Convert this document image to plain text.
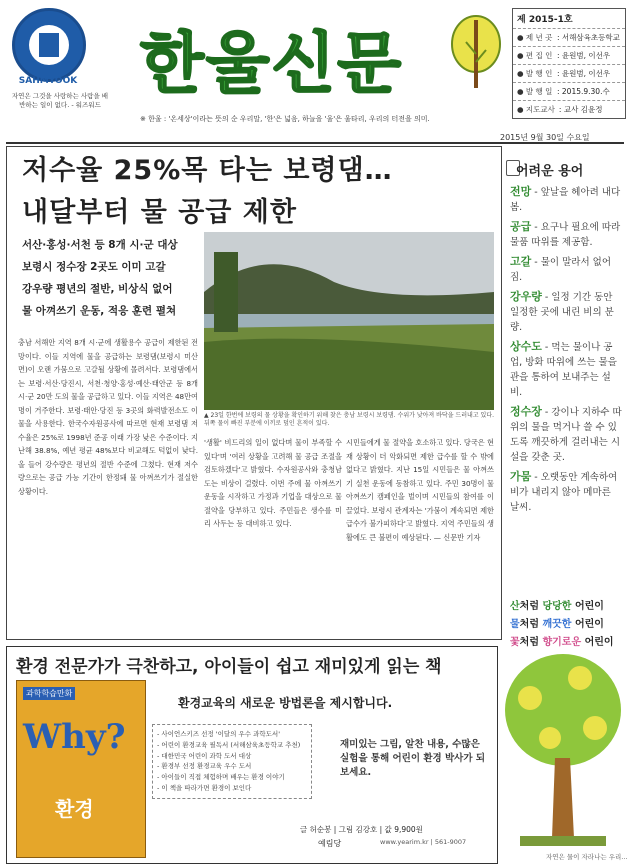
SAHMYOOK
자연은 그것을 사랑하는 사람을 배반하는 일이 없다. - 워즈워드
한울신문
※ 한울 : '온세상'이라는 뜻의 순 우리말, '한'은 넓음, 하늘을 '울'은 울타리, 우리의 터전을 의미.
제 2015-1호
● 제 년 곳 : 서해삼육초등학교
● 편 집 인 : 윤원범, 이선우
● 발 행 인 : 윤원범, 이선우
● 발 행 일 : 2015.9.30.수
● 지도교사 : 교사 김윤정
2015년 9월 30일 수요일
저수율 25%목 타는 보령댐…
내달부터 물 공급 제한
서산·홍성·서천 등 8개 시·군 대상
보령시 정수장 2곳도 이미 고갈
강우량 평년의 절반, 비상식 없어
물 아껴쓰기 운동, 적응 훈련 펼쳐
▲ 23일 한번에 보령의 물 상황을 확인하기 위해 찾은 충남 보령시 보령댐. 수위가 낮아져 바닥을 드러내고 있다. 뒤쪽 물이 빠진 부분에 이끼로 덮인 흔적이 있다.
충남 서해안 지역 8개 시·군에 생활용수 공급이 제한된 전망이다. 이들 지역에 물을 공급하는 보령댐(보령시 미산면)이 오랜 가뭄으로 고갈될 상황에 몰려서다. 보령댐에서는 보령·서산·당진시, 서천·청양·홍성·예산·태안군 등 8개 시·군 20만 도의 물을 공급하고 있다. 이들 지역은 48만여명이 거주한다. 보령·태안·당진 등 3곳의 화력발전소도 이 물을 사용한다. 한국수자원공사에 따르면 현재 보령댐 저수율은 25%로 1998년 준공 이래 가장 낮은 수준이다. 지난해 38.8%, 예년 평균 48%보다 비교해도 턱없이 낮다. 올 들어 강수량은 평년의 절반 수준에 그쳤다. 현재 저수량으로는 공급 가능 기간이 한정돼 물 아껴쓰기가 절실한 상황이다.
'생활' 비드리의 일이 없다며 물이 부족할 수 있다'며 '여러 상황을 고려해 물 공급 조절을 검토하겠다'고 밝혔다. 수자원공사와 충청남도는 비상이 걸렸다. 이번 주에 물 아껴쓰기 운동을 시작하고 가정과 기업을 대상으로 물 절약을 당부하고 있다. 주민들은 생수를 미리 사두는 등 대비하고 있다.
시민들에게 물 절약을 호소하고 있다. 당국은 현재 상황이 더 악화되면 제한 급수를 할 수 밖에 없다고 밝혔다. 지난 15일 시민들은 물 아껴쓰기 실천 운동에 동참하고 있다. 주민 30명이 물 아껴쓰기 캠페인을 벌이며 시민들의 참여를 이끌었다. 보령시 관계자는 '가뭄이 계속되면 제한 급수가 불가피하다'고 밝혔다. 지역 주민들의 생활에도 큰 불편이 예상된다. — 신문반 기자
어려운 용어
전망 - 앞날을 헤아려 내다 봄.
공급 - 요구나 필요에 따라 물품 따위를 제공함.
고갈 - 물이 말라서 없어짐.
강우량 - 일정 기간 동안 일정한 곳에 내린 비의 분량.
상수도 - 먹는 물이나 공업, 방화 따위에 쓰는 물을 관을 통하여 보내주는 설비.
정수장 - 강이나 지하수 따위의 물을 먹거나 쓸 수 있도록 깨끗하게 걸러내는 시설을 갖춘 곳.
가뭄 - 오랫동안 계속하여 비가 내리지 않아 메마른 날씨.
산처럼 당당한 어린이
물처럼 깨끗한 어린이
꽃처럼 향기로운 어린이
환경 전문가가 극찬하고, 아이들이 쉽고 재미있게 읽는 책
과학학습만화
Why?
환경
환경교육의 새로운 방법론을 제시합니다.
- 사이언스키즈 선정 '이달의 우수 과학도서'
- 어린이 환경교육 필독서 (서해삼육초등학교 추천)
- 대한민국 어린이 과학 도서 대상
- 환경부 선정 환경교육 우수 도서
- 아이들이 직접 체험하며 배우는 환경 이야기
- 이 책을 따라가면 환경이 보인다
재미있는 그림, 알찬 내용, 수많은 실험을 통해 어린이 환경 박사가 되보세요.
글 허순봉 | 그림 김강호 | 값 9,900원
예림당	www.yearim.kr | 561-9007
자연은 물이 자라나는 우리...
